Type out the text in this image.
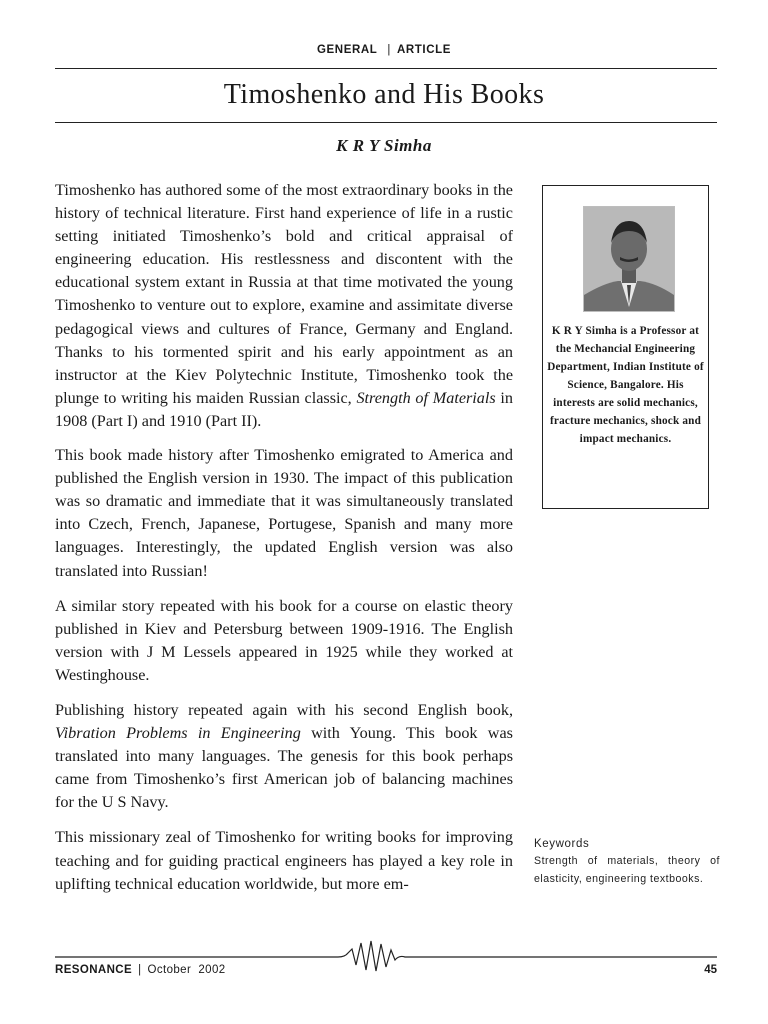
GENERAL | ARTICLE
Timoshenko and His Books
K R Y Simha

Timoshenko has authored some of the most extraordinary books in the history of technical literature. First hand experience of life in a rustic setting initiated Timoshenko’s bold and critical appraisal of engineering education. His restlessness and discontent with the educational system extant in Russia at that time motivated the young Timoshenko to venture out to explore, examine and assimitate diverse pedagogical views and cultures of France, Germany and England. Thanks to his tormented spirit and his early appointment as an instructor at the Kiev Polytechnic Institute, Timoshenko took the plunge to writing his maiden Russian classic, Strength of Materials in 1908 (Part I) and 1910 (Part II).

This book made history after Timoshenko emigrated to America and published the English version in 1930. The impact of this publication was so dramatic and immediate that it was simultaneously translated into Czech, French, Japanese, Portugese, Spanish and many more languages. Interestingly, the updated English version was also translated into Russian!

A similar story repeated with his book for a course on elastic theory published in Kiev and Petersburg between 1909-1916. The English version with J M Lessels appeared in 1925 while they worked at Westinghouse.

Publishing history repeated again with his second English book, Vibration Problems in Engineering with Young. This book was translated into many languages. The genesis for this book perhaps came from Timoshenko’s first American job of balancing machines for the U S Navy.

This missionary zeal of Timoshenko for writing books for improving teaching and for guiding practical engineers has played a key role in uplifting technical education worldwide, but more em-

K R Y Simha is a Professor at the Mechancial Engineering Department, Indian Institute of Science, Bangalore. His interests are solid mechanics, fracture mechanics, shock and impact mechanics.
Keywords
Strength of materials, theory of elasticity, engineering textbooks.
RESONANCE | October  2002	45
